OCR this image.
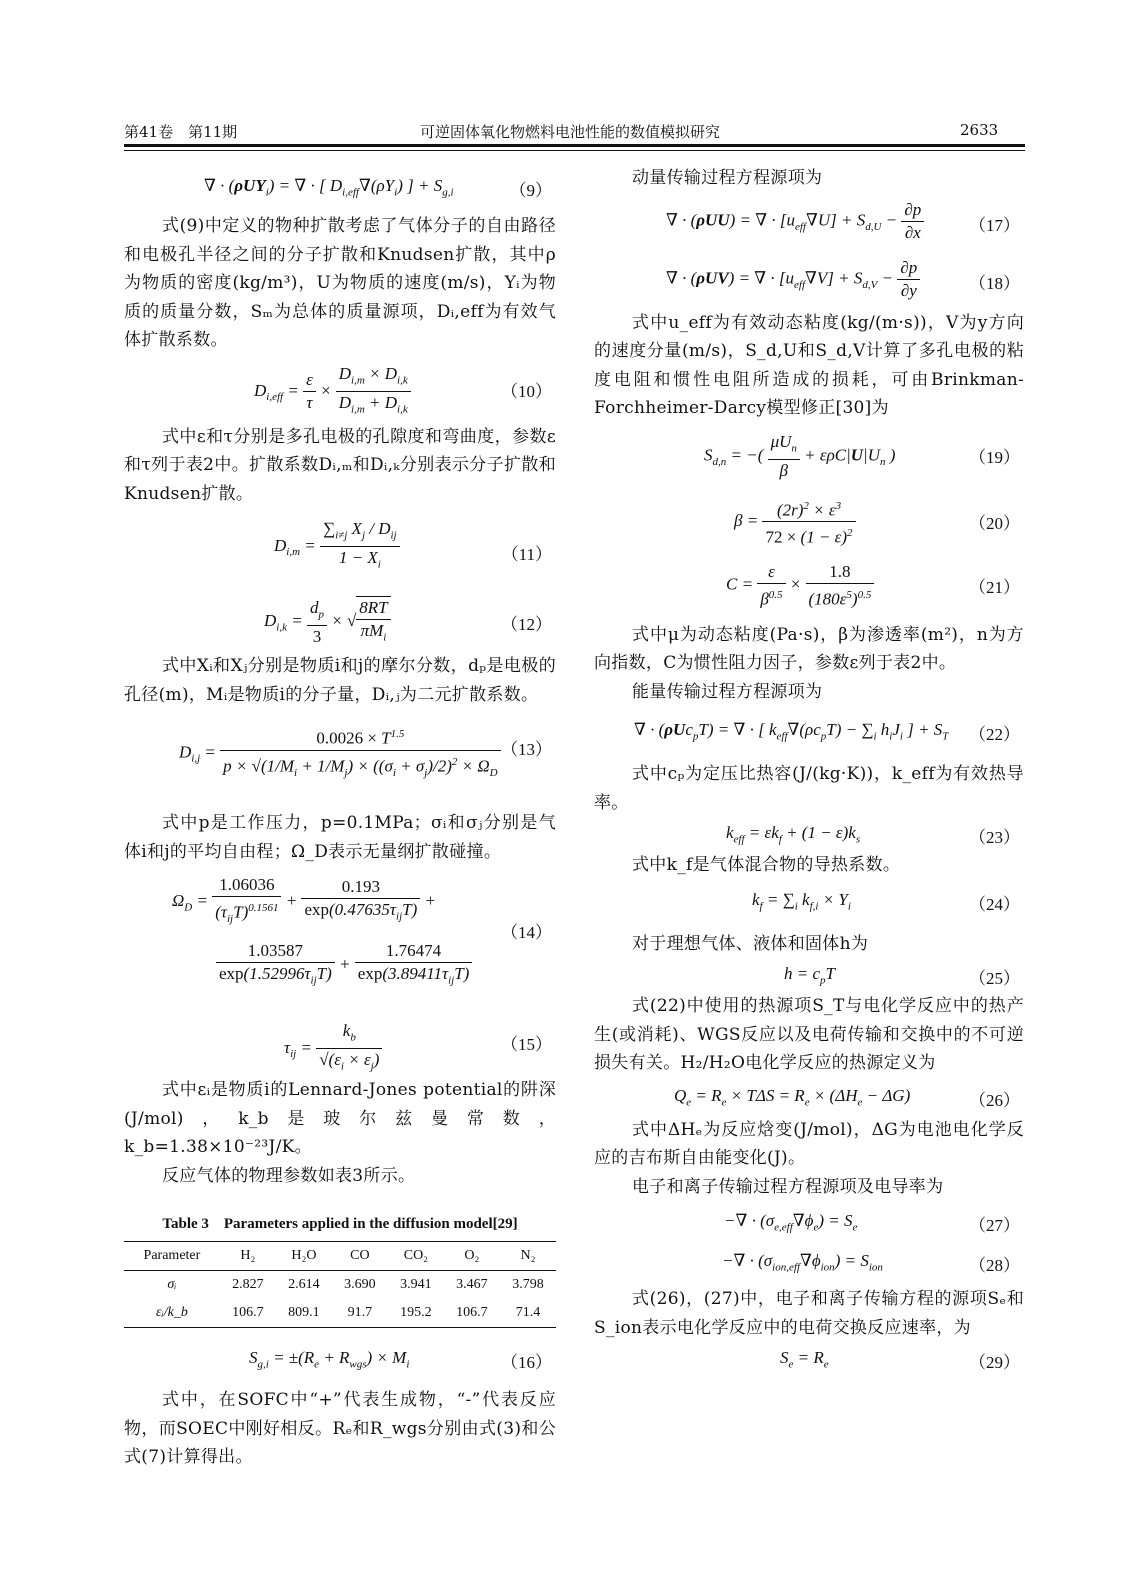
第41卷　第11期	可逆固体氧化物燃料电池性能的数值模拟研究	2633
∇ · (ρUY$_i$) = ∇ · [ $D_{i,eff}\nabla(\rho Y_i)$ ] + $S_{g,i}$	（9）

式(9)中定义的物种扩散考虑了气体分子的自由路径和电极孔半径之间的分子扩散和Knudsen扩散，其中ρ为物质的密度(kg/m³)，U为物质的速度(m/s)，Yᵢ为物质的质量分数，Sₘ为总体的质量源项，Dᵢ,eff为有效气体扩散系数。

$D_{i,eff} = \frac{\varepsilon}{\tau} \times \frac{D_{i,m} \times D_{i,k}}{D_{i,m} + D_{i,k}}$	（10）

式中ε和τ分别是多孔电极的孔隙度和弯曲度，参数ε和τ列于表2中。扩散系数Dᵢ,ₘ和Dᵢ,ₖ分别表示分子扩散和Knudsen扩散。

$D_{i,m}$ =
$\sum_{i\ne j}$ $X_j / D_{ij}$
$1 - X_i$
（11）
$D_{i,k} = \frac{d_p}{3}$ × √
8RT
$\pi M_i$
（12）

式中Xᵢ和Xⱼ分别是物质i和j的摩尔分数，dₚ是电极的孔径(m)，Mᵢ是物质i的分子量，Dᵢ,ⱼ为二元扩散系数。

$D_{i,j} = \frac{0.0026 \times T^{1.5}}{p \times √(1/M_i + 1/M_j) \times ((\sigma_i + \sigma_j)/2)^2 \times \Omega_D} (13)$

式中p是工作压力，p=0.1MPa；σᵢ和σⱼ分别是气体i和j的平均自由程；Ω_D表示无量纲扩散碰撞。

$\Omega_D$ =
1.06036
$(\tau_{ij}T)^{0.1561}$ +
0.193
$\exp(0.47635\tau_{ij}T)$ +
1.03587
$\exp(1.52996\tau_{ij}T)$ +
1.76474
$\exp(3.89411\tau_{ij}T)$
（14）
$\tau_{ij} = \frac{k_b}{√(\varepsilon_i \times \varepsilon_j)}$	（15）

式中εᵢ是物质i的Lennard-Jones potential的阱深(J/mol)，k_b是玻尔兹曼常数，k_b=1.38×10⁻²³J/K。

反应气体的物理参数如表3所示。

Table 3　Parameters applied in the diffusion model[29]
Parameter	H₂	H₂O	CO	CO₂	O₂	N₂
σᵢ	2.827	2.614	3.690	3.941	3.467	3.798
εᵢ/k_b	106.7	809.1	91.7	195.2	106.7	71.4
$S_{g,i} = \pm(R_e + R_{wgs}) \times M_i$	（16）

式中，在SOFC中“+”代表生成物，“-”代表反应物，而SOEC中刚好相反。Rₑ和R_wgs分别由式(3)和公式(7)计算得出。

动量传输过程方程源项为

∇ · (ρUU) = ∇ · $[u_{eff}\nabla U] + S_{d,U} - \frac{\partial p}{\partial x}$	（17）
∇ · (ρUV) = ∇ · $[u_{eff}\nabla V] + S_{d,V} - \frac{\partial p}{\partial y}$	（18）

式中u_eff为有效动态粘度(kg/(m·s))，V为y方向的速度分量(m/s)，S_d,U和S_d,V计算了多孔电极的粘度电阻和惯性电阻所造成的损耗，可由Brinkman-Forchheimer-Darcy模型修正[30]为

$S_{d,n}$ = −(
$\mu U_n$
β
+ $\varepsilon\rho C|U|U_n$ )	（19）
$\beta = \frac{(2r)^2 \times \varepsilon^3}{72 \times (1 - \varepsilon)^2}$	（20）
$C = \frac{\varepsilon}{\beta^{0.5}} \times \frac{1.8}{(180\varepsilon^5)^{0.5}}$	（21）

式中μ为动态粘度(Pa·s)，β为渗透率(m²)，n为方向指数，C为惯性阻力因子，参数ε列于表2中。

能量传输过程方程源项为

∇ · (ρUc$_p$T) = ∇ · [ $k_{eff}\nabla(\rho c_pT) - \sum_i$ $h_iJ_i$ ] + $S_T$ （22）

式中cₚ为定压比热容(J/(kg·K))，k_eff为有效热导率。

$k_{eff} = \varepsilon k_f + (1 - \varepsilon)k_s$	（23）

式中k_f是气体混合物的导热系数。

$k_f = \sum_i$ $k_{f,i} \times Y_i$	（24）

对于理想气体、液体和固体h为

$h = c_pT$	（25）

式(22)中使用的热源项S_T与电化学反应中的热产生(或消耗)、WGS反应以及电荷传输和交换中的不可逆损失有关。H₂/H₂O电化学反应的热源定义为

$Q_e = R_e \times T\Delta S = R_e \times (\Delta H_e - \Delta G)$	（26）

式中ΔHₑ为反应焓变(J/mol)，ΔG为电池电化学反应的吉布斯自由能变化(J)。

电子和离子传输过程方程源项及电导率为

−∇ · $(\sigma_{e,eff}\nabla\phi_e) = S_e$	（27）
−∇ · $(\sigma_{ion,eff}\nabla\phi_{ion}) = S_{ion}$	（28）

式(26)，(27)中，电子和离子传输方程的源项Sₑ和S_ion表示电化学反应中的电荷交换反应速率，为

$S_e = R_e$	（29）
